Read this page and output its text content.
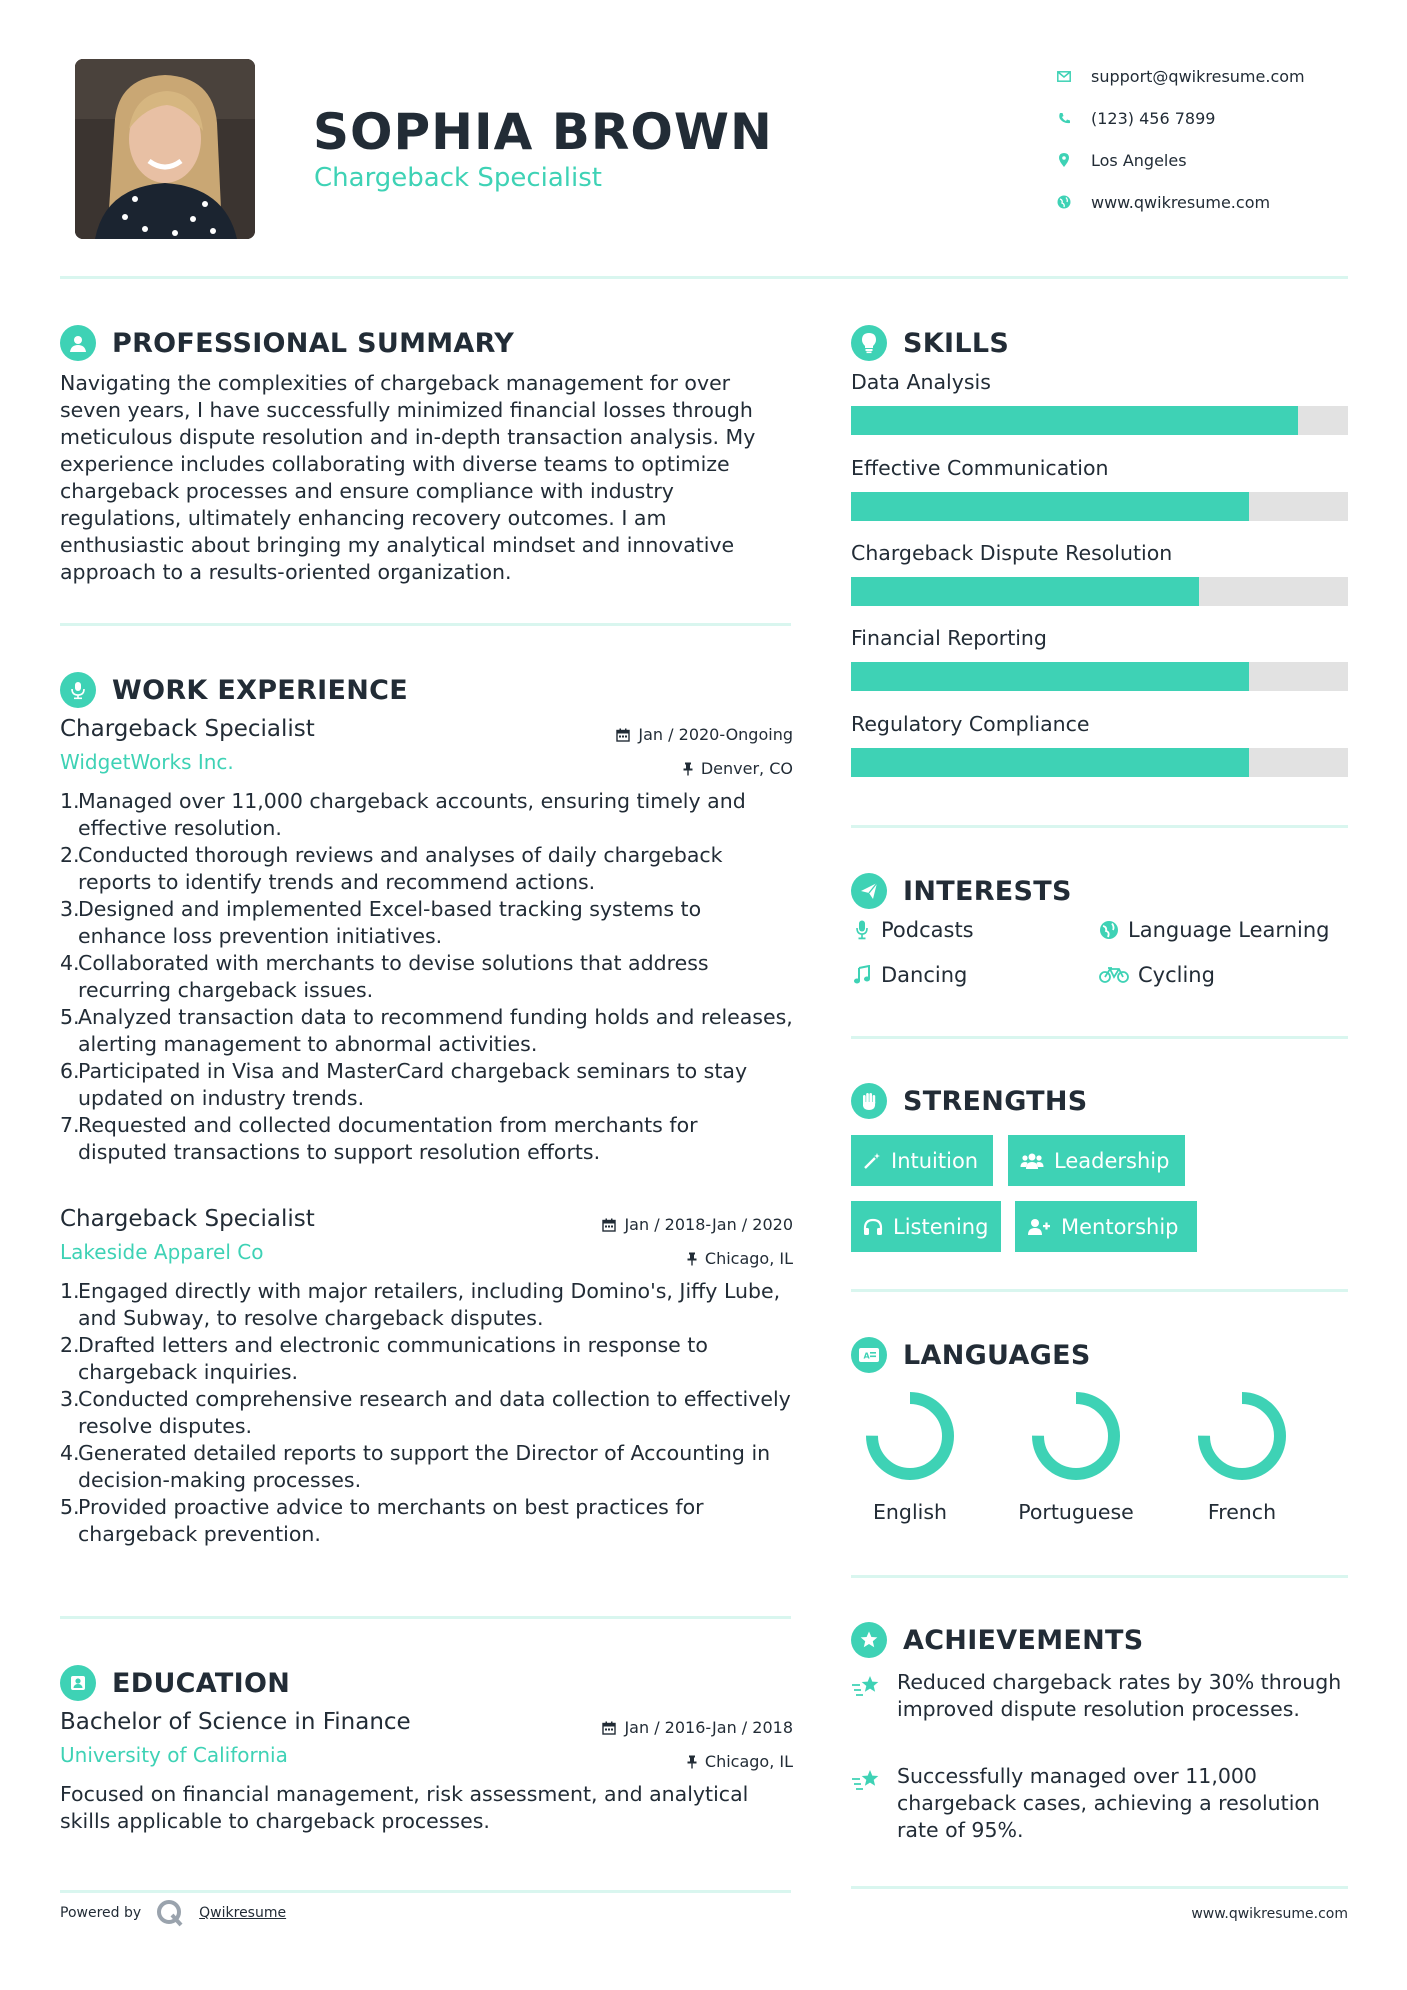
SOPHIA BROWN
Chargeback Specialist
support@qwikresume.com
(123) 456 7899
Los Angeles
www.qwikresume.com
PROFESSIONAL SUMMARY
Navigating the complexities of chargeback management for over seven years, I have successfully minimized financial losses through meticulous dispute resolution and in-depth transaction analysis. My experience includes collaborating with diverse teams to optimize chargeback processes and ensure compliance with industry regulations, ultimately enhancing recovery outcomes. I am enthusiastic about bringing my analytical mindset and innovative approach to a results-oriented organization.
WORK EXPERIENCE
Chargeback Specialist	Jan / 2020-Ongoing
WidgetWorks Inc.	Denver, CO
1.
Managed over 11,000 chargeback accounts, ensuring timely and effective resolution.
2.
Conducted thorough reviews and analyses of daily chargeback reports to identify trends and recommend actions.
3.
Designed and implemented Excel-based tracking systems to enhance loss prevention initiatives.
4.
Collaborated with merchants to devise solutions that address recurring chargeback issues.
5.
Analyzed transaction data to recommend funding holds and releases, alerting management to abnormal activities.
6.
Participated in Visa and MasterCard chargeback seminars to stay updated on industry trends.
7.
Requested and collected documentation from merchants for disputed transactions to support resolution efforts.
Chargeback Specialist	Jan / 2018-Jan / 2020
Lakeside Apparel Co	Chicago, IL
1.
Engaged directly with major retailers, including Domino's, Jiffy Lube, and Subway, to resolve chargeback disputes.
2.
Drafted letters and electronic communications in response to chargeback inquiries.
3.
Conducted comprehensive research and data collection to effectively resolve disputes.
4.
Generated detailed reports to support the Director of Accounting in decision-making processes.
5.
Provided proactive advice to merchants on best practices for chargeback prevention.
EDUCATION
Bachelor of Science in Finance	Jan / 2016-Jan / 2018
University of California	Chicago, IL
Focused on financial management, risk assessment, and analytical skills applicable to chargeback processes.
SKILLS
Data Analysis
Effective Communication
Chargeback Dispute Resolution
Financial Reporting
Regulatory Compliance
INTERESTS
Podcasts	Language Learning
Dancing	Cycling
STRENGTHS
Intuition	Leadership
Listening	Mentorship
A LANGUAGES
English	Portuguese	French
ACHIEVEMENTS
Reduced chargeback rates by 30% through improved dispute resolution processes.
Successfully managed over 11,000 chargeback cases, achieving a resolution rate of 95%.
Powered by	Qwikresume	www.qwikresume.com
